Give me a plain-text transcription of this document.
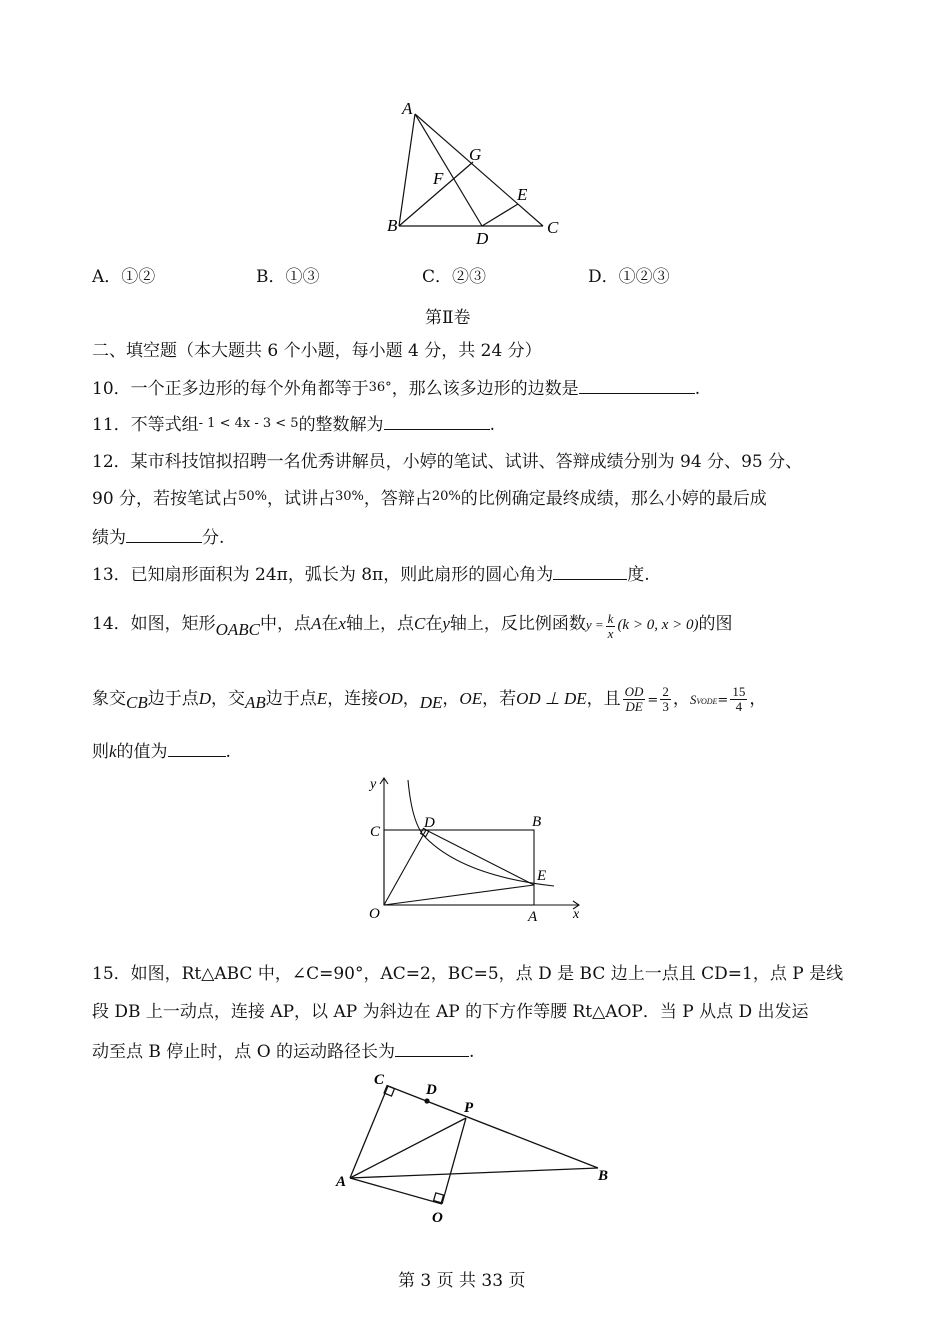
A
G
F
E
B
D
C
A．①②	B．①③	C．②③	D．①②③
第Ⅱ卷
二、填空题（本大题共 6 个小题，每小题 4 分，共 24 分）
10．一个正多边形的每个外角都等于36°，那么该多边形的边数是	.
11．不等式组- 1 < 4x - 3 < 5的整数解为	.
12．某市科技馆拟招聘一名优秀讲解员，小婷的笔试、试讲、答辩成绩分别为 94 分、95 分、
90 分，若按笔试占$^{50\%}$，试讲占$^{30\%}$，答辩占$^{20\%}$的比例确定最终成绩，那么小婷的最后成
绩为	分.
13．已知扇形面积为 24π，弧长为 8π，则此扇形的圆心角为	度.
14．如图，矩形OABC中，点A在x轴上，点C在y轴上，反比例函数$y = \frac{k}{x} (k > 0$, x > 0)的图
象交CB边于点D，交AB边于点E，连接OD，DE，OE，若OD ⊥ DE，且 $\frac{OD}{DE} = \frac{2}{3}$ ，SVODE= $\frac{15}{4}$ ，
则k的值为	.
y
C
D	B
E
O	A	x
15．如图，Rt△ABC 中，∠C=90°，AC=2，BC=5，点 D 是 BC 边上一点且 CD=1，点 P 是线
段 DB 上一动点，连接 AP，以 AP 为斜边在 AP 的下方作等腰 Rt△AOP．当 P 从点 D 出发运
动至点 B 停止时，点 O 的运动路径长为	.
C
D
P
A	B
O
第 3 页 共 33 页
